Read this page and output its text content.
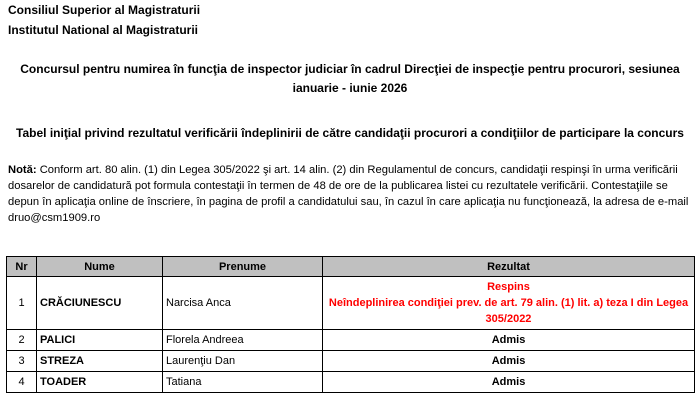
Consiliul Superior al Magistraturii
Institutul National al Magistraturii
Concursul pentru numirea în funcţia de inspector judiciar în cadrul Direcţiei de inspecţie pentru procurori, sesiunea ianuarie - iunie 2026
Tabel iniţial privind rezultatul verificării îndeplinirii de către candidaţii procurori a condiţiilor de participare la concurs
Notă: Conform art. 80 alin. (1) din Legea 305/2022 şi art. 14 alin. (2) din Regulamentul de concurs, candidaţii respinşi în urma verificării dosarelor de candidatură pot formula contestaţii în termen de 48 de ore de la publicarea listei cu rezultatele verificării. Contestaţiile se depun în aplicaţia online de înscriere, în pagina de profil a candidatului sau, în cazul în care aplicaţia nu funcţionează, la adresa de e-mail druo@csm1909.ro
Nr	Nume	Prenume	Rezultat
1	CRĂCIUNESCU	Narcisa Anca	Respins
Neîndeplinirea condiţiei prev. de art. 79 alin. (1) lit. a) teza I din Legea 305/2022

2	PALICI	Florela Andreea	Admis
3	STREZA	Laurenţiu Dan	Admis
4	TOADER	Tatiana	Admis
